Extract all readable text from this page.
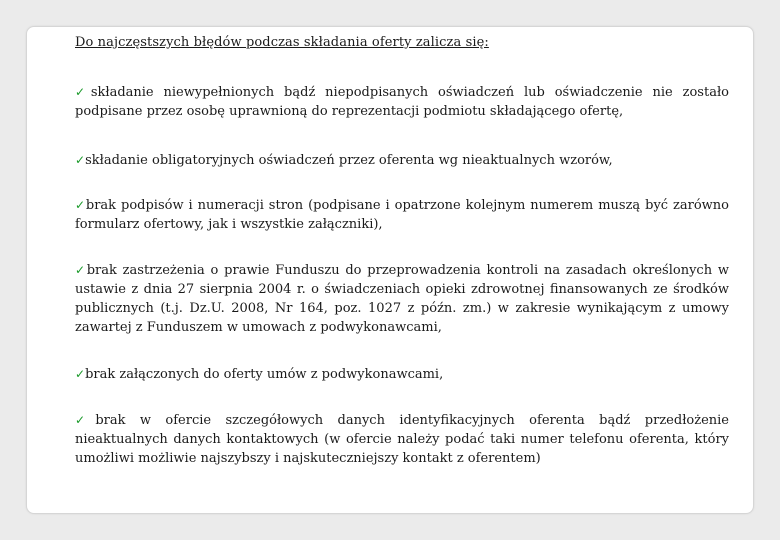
Do najczęstszych błędów podczas składania oferty zalicza się:

✓składanie niewypełnionych bądź niepodpisanych oświadczeń lub oświadczenie nie zostało podpisane przez osobę uprawnioną do reprezentacji podmiotu składającego ofertę,

✓składanie obligatoryjnych oświadczeń przez oferenta wg nieaktualnych wzorów,

✓brak podpisów i numeracji stron (podpisane i opatrzone kolejnym numerem muszą być zarówno formularz ofertowy, jak i wszystkie załączniki),

✓brak zastrzeżenia o prawie Funduszu do przeprowadzenia kontroli na zasadach określonych w ustawie z dnia 27 sierpnia 2004 r. o świadczeniach opieki zdrowotnej finansowanych ze środków publicznych (t.j. Dz.U. 2008, Nr 164, poz. 1027 z późn. zm.) w zakresie wynikającym z umowy zawartej z Funduszem w umowach z podwykonawcami,

✓brak załączonych do oferty umów z podwykonawcami,

✓brak w ofercie szczegółowych danych identyfikacyjnych oferenta bądź przedłożenie nieaktualnych danych kontaktowych (w ofercie należy podać taki numer telefonu oferenta, który umożliwi możliwie najszybszy i najskuteczniejszy kontakt z oferentem)
